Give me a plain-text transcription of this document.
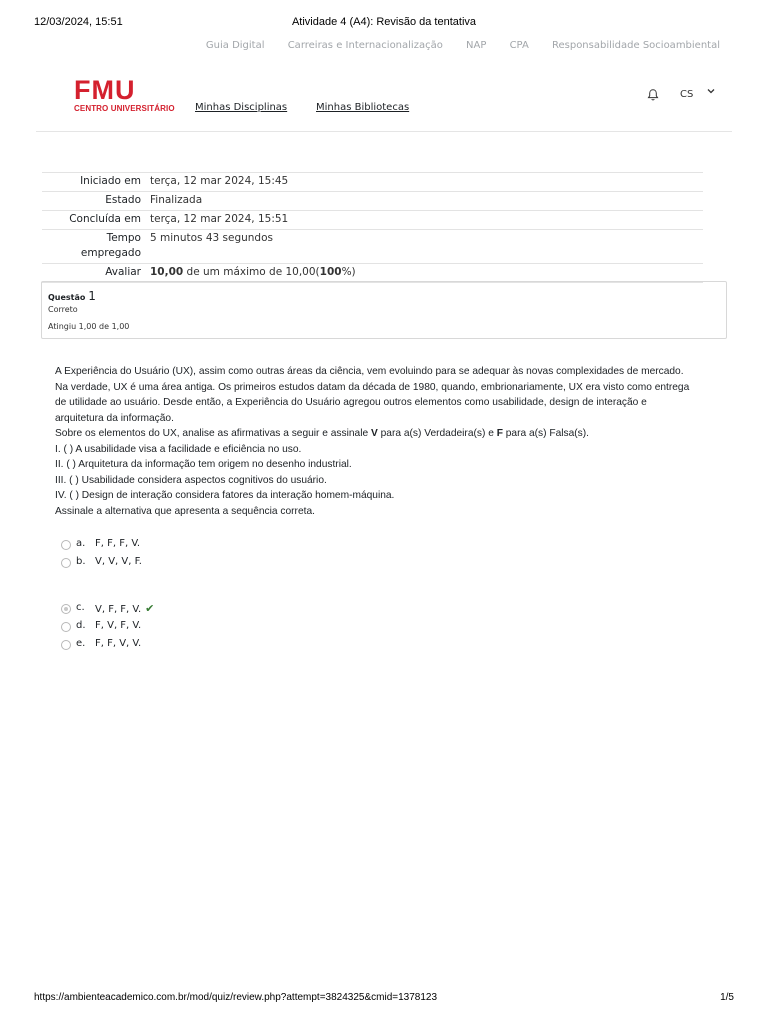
12/03/2024, 15:51	Atividade 4 (A4): Revisão da tentativa
Guia Digital Carreiras e Internacionalização NAP CPA Responsabilidade Socioambiental
FMU
CENTRO UNIVERSITÁRIO Minhas Disciplinas	Minhas Bibliotecas
CS
Iniciado em	terça, 12 mar 2024, 15:45
Estado	Finalizada
Concluída em	terça, 12 mar 2024, 15:51
Tempo
empregado	5 minutos 43 segundos
Avaliar	10,00 de um máximo de 10,00(100%)
Questão 1
Correto
Atingiu 1,00 de 1,00

A Experiência do Usuário (UX), assim como outras áreas da ciência, vem evoluindo para se adequar às novas complexidades de mercado.

Na verdade, UX é uma área antiga. Os primeiros estudos datam da década de 1980, quando, embrionariamente, UX era visto como entrega

de utilidade ao usuário. Desde então, a Experiência do Usuário agregou outros elementos como usabilidade, design de interação e

arquitetura da informação.

Sobre os elementos do UX, analise as afirmativas a seguir e assinale V para a(s) Verdadeira(s) e F para a(s) Falsa(s).

I. ( ) A usabilidade visa a facilidade e eficiência no uso.

II. ( ) Arquitetura da informação tem origem no desenho industrial.

III. ( ) Usabilidade considera aspectos cognitivos do usuário.

IV. ( ) Design de interação considera fatores da interação homem-máquina.

Assinale a alternativa que apresenta a sequência correta.

a. F, F, F, V.
b. V, V, V, F.
c. V, F, F, V. ✔
d. F, V, F, V.
e. F, F, V, V.
https://ambienteacademico.com.br/mod/quiz/review.php?attempt=3824325&cmid=1378123	1/5
